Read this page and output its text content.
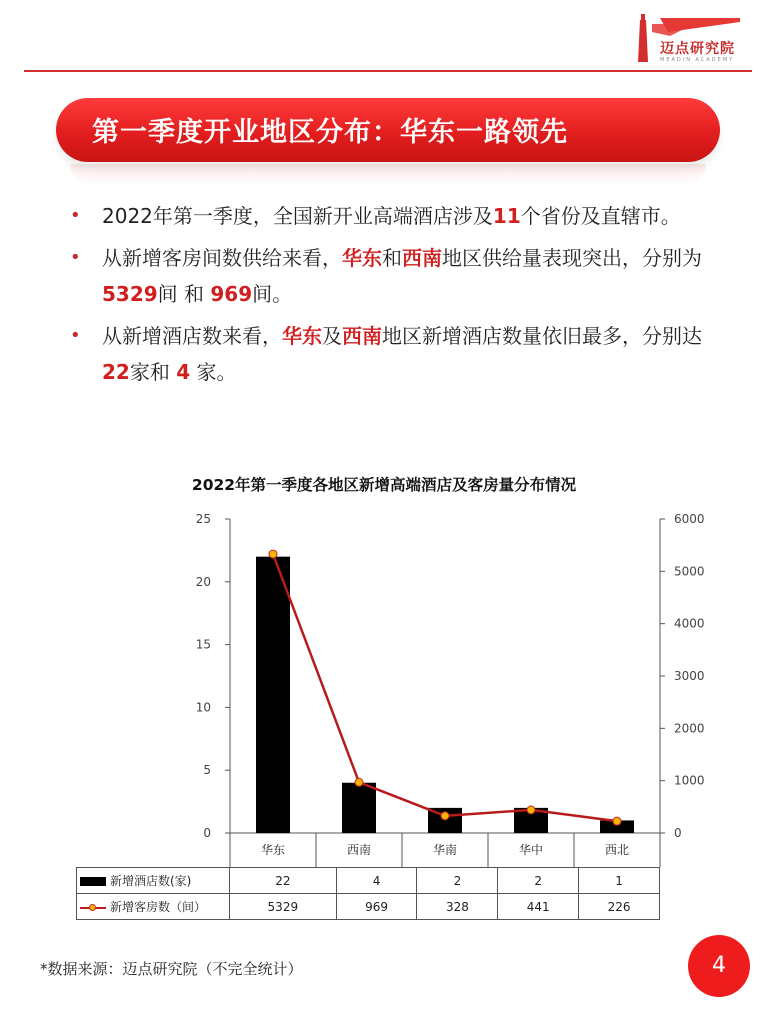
迈点研究院
MEADIN ACADEMY
第一季度开业地区分布：华东一路领先
• 2022年第一季度，全国新开业高端酒店涉及11个省份及直辖市。
• 从新增客房间数供给来看，华东和西南地区供给量表现突出，分别为 5329间 和 969间。
• 从新增酒店数来看，华东及西南地区新增酒店数量依旧最多，分别达 22家和 4 家。
2022年第一季度各地区新增高端酒店及客房量分布情况
0
5
10
15
20
25
0
1000
2000
3000
4000
5000
6000
华东	西南	华南	华中	西北
新增酒店数(家)	22	4	2	2	1
新增客房数（间）	5329	969	328	441	226
*数据来源：迈点研究院（不完全统计）	4
